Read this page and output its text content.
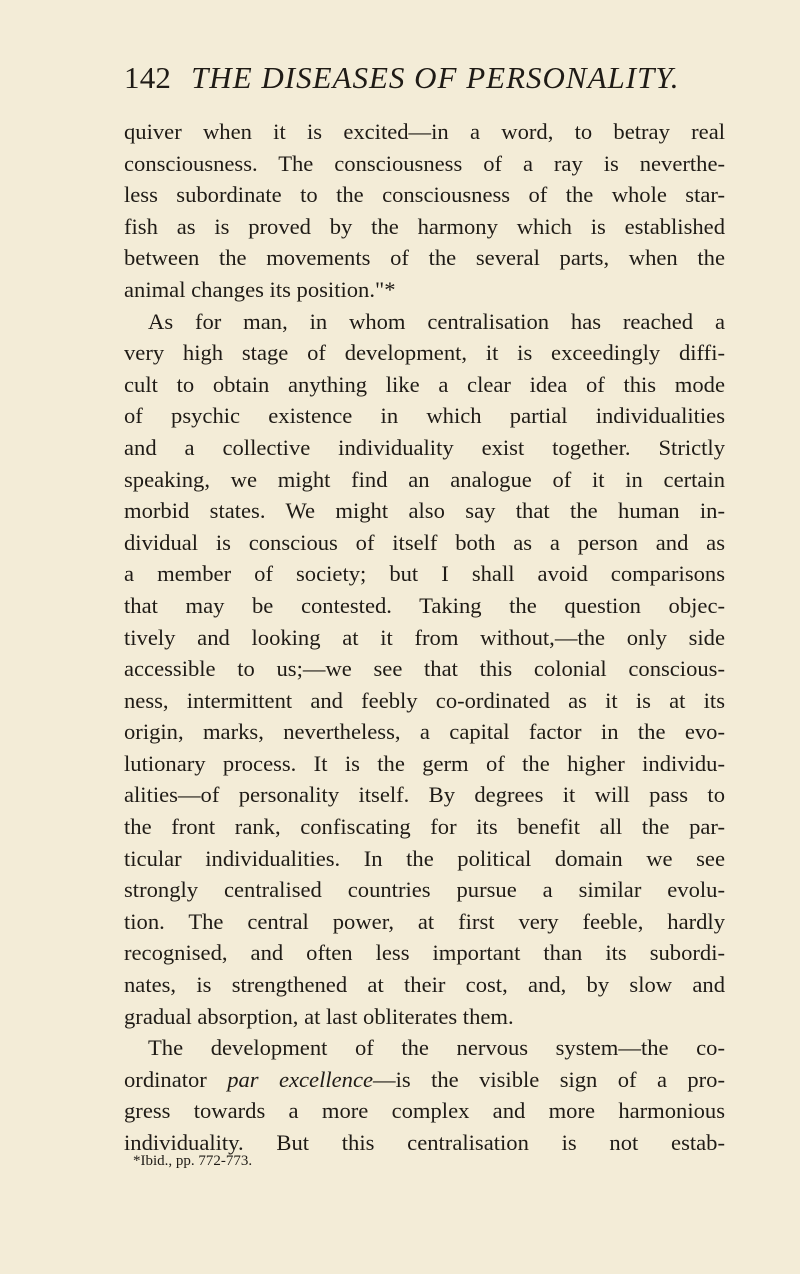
142 THE DISEASES OF PERSONALITY.
quiver when it is excited—in a word, to betray real
consciousness. The consciousness of a ray is neverthe-
less subordinate to the consciousness of the whole star-
fish as is proved by the harmony which is established
between the movements of the several parts, when the
animal changes its position."*
As for man, in whom centralisation has reached a
very high stage of development, it is exceedingly diffi-
cult to obtain anything like a clear idea of this mode
of psychic existence in which partial individualities
and a collective individuality exist together. Strictly
speaking, we might find an analogue of it in certain
morbid states. We might also say that the human in-
dividual is conscious of itself both as a person and as
a member of society; but I shall avoid comparisons
that may be contested. Taking the question objec-
tively and looking at it from without,—the only side
accessible to us;—we see that this colonial conscious-
ness, intermittent and feebly co-ordinated as it is at its
origin, marks, nevertheless, a capital factor in the evo-
lutionary process. It is the germ of the higher individu-
alities—of personality itself. By degrees it will pass to
the front rank, confiscating for its benefit all the par-
ticular individualities. In the political domain we see
strongly centralised countries pursue a similar evolu-
tion. The central power, at first very feeble, hardly
recognised, and often less important than its subordi-
nates, is strengthened at their cost, and, by slow and
gradual absorption, at last obliterates them.
The development of the nervous system—the co-
ordinator par excellence—is the visible sign of a pro-
gress towards a more complex and more harmonious
individuality. But this centralisation is not estab-
*Ibid., pp. 772-773.
